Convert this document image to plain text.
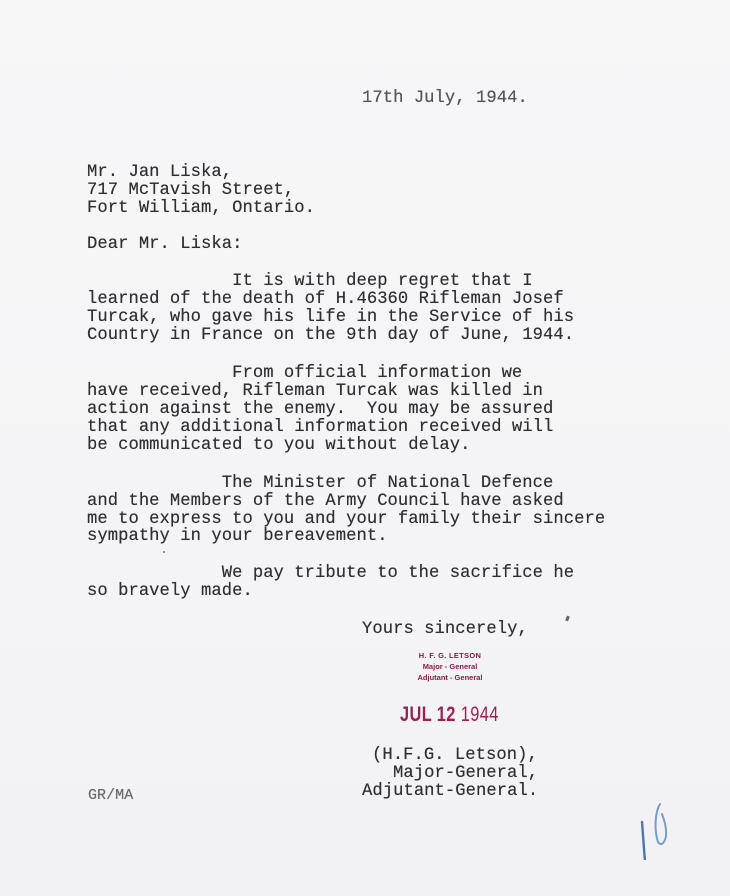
17th July, 1944.
Mr. Jan Liska,
717 McTavish Street,
Fort William, Ontario.
Dear Mr. Liska:
It is with deep regret that I
learned of the death of H.46360 Rifleman Josef
Turcak, who gave his life in the Service of his
Country in France on the 9th day of June, 1944.
From official information we
have received, Rifleman Turcak was killed in
action against the enemy.  You may be assured
that any additional information received will
be communicated to you without delay.
The Minister of National Defence
and the Members of the Army Council have asked
me to express to you and your family their sincere
sympathy in your bereavement.
We pay tribute to the sacrifice he
so bravely made.
Yours sincerely,
H. F. G. LETSON
Major - General
Adjutant - General
JUL 12 1944
(H.F.G. Letson),
Major-General,
Adjutant-General.
GR/MA
